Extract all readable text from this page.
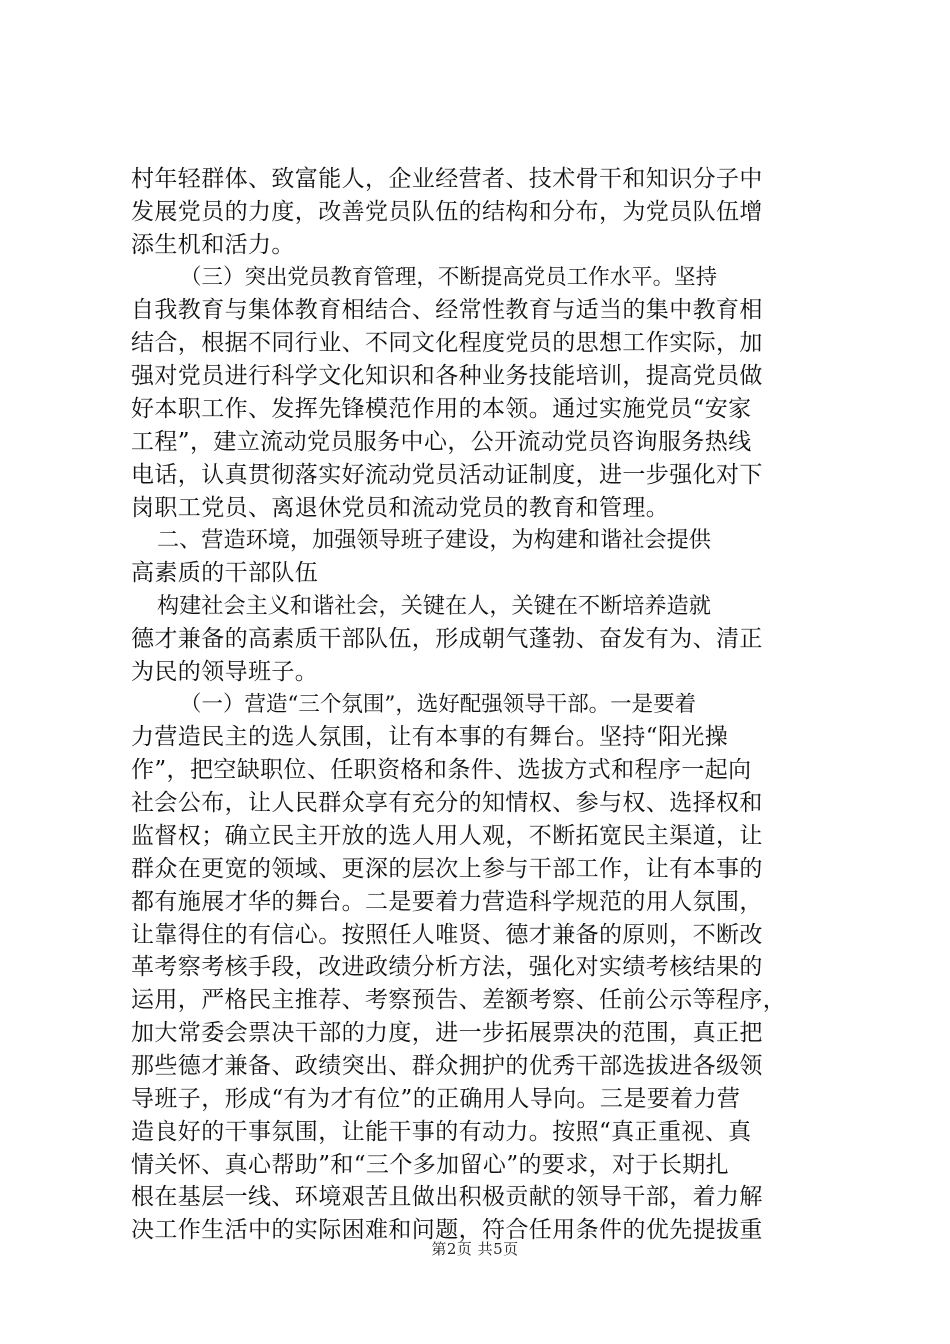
村年轻群体、致富能人，企业经营者、技术骨干和知识分子中
发展党员的力度，改善党员队伍的结构和分布，为党员队伍增
添生机和活力。
（三）突出党员教育管理，不断提高党员工作水平。坚持
自我教育与集体教育相结合、经常性教育与适当的集中教育相
结合，根据不同行业、不同文化程度党员的思想工作实际，加
强对党员进行科学文化知识和各种业务技能培训，提高党员做
好本职工作、发挥先锋模范作用的本领。通过实施党员“安家
工程”，建立流动党员服务中心，公开流动党员咨询服务热线
电话，认真贯彻落实好流动党员活动证制度，进一步强化对下
岗职工党员、离退休党员和流动党员的教育和管理。
二、营造环境，加强领导班子建设，为构建和谐社会提供
高素质的干部队伍
构建社会主义和谐社会，关键在人，关键在不断培养造就
德才兼备的高素质干部队伍，形成朝气蓬勃、奋发有为、清正
为民的领导班子。
（一）营造“三个氛围”，选好配强领导干部。一是要着
力营造民主的选人氛围，让有本事的有舞台。坚持“阳光操
作”，把空缺职位、任职资格和条件、选拔方式和程序一起向
社会公布，让人民群众享有充分的知情权、参与权、选择权和
监督权；确立民主开放的选人用人观，不断拓宽民主渠道，让
群众在更宽的领域、更深的层次上参与干部工作，让有本事的
都有施展才华的舞台。二是要着力营造科学规范的用人氛围，
让靠得住的有信心。按照任人唯贤、德才兼备的原则，不断改
革考察考核手段，改进政绩分析方法，强化对实绩考核结果的
运用，严格民主推荐、考察预告、差额考察、任前公示等程序，
加大常委会票决干部的力度，进一步拓展票决的范围，真正把
那些德才兼备、政绩突出、群众拥护的优秀干部选拔进各级领
导班子，形成“有为才有位”的正确用人导向。三是要着力营
造良好的干事氛围，让能干事的有动力。按照“真正重视、真
情关怀、真心帮助”和“三个多加留心”的要求，对于长期扎
根在基层一线、环境艰苦且做出积极贡献的领导干部，着力解
决工作生活中的实际困难和问题，符合任用条件的优先提拔重
第2页 共5页
